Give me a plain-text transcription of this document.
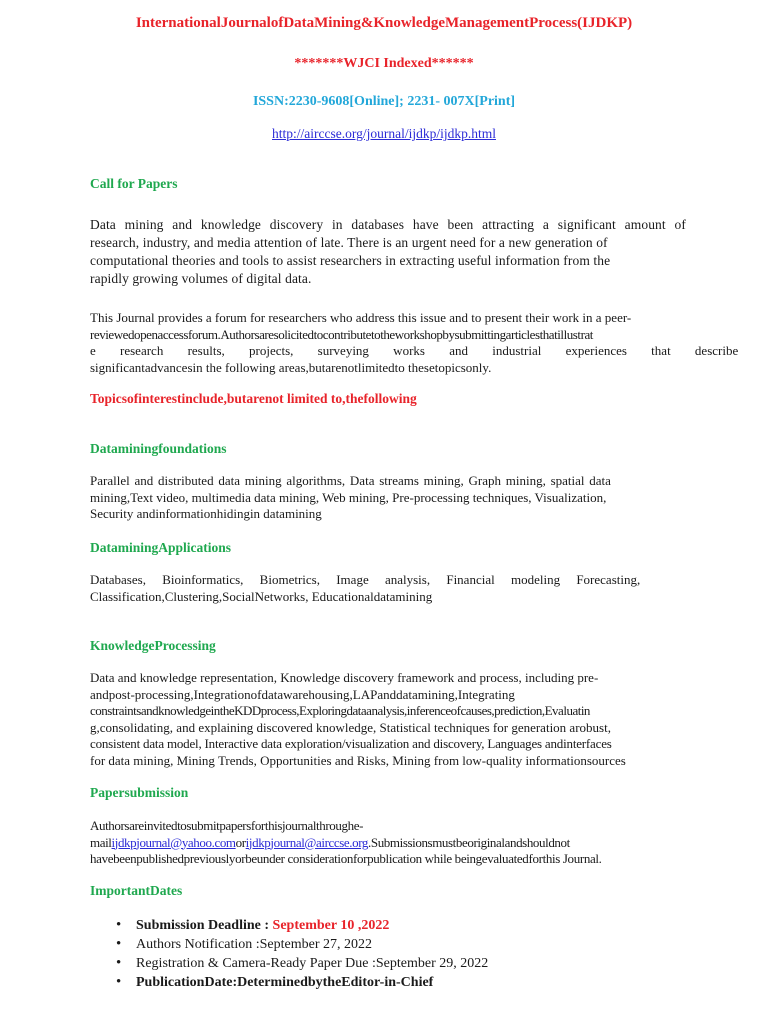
InternationalJournalofDataMining&KnowledgeManagementProcess(IJDKP)
*******WJCI Indexed******
ISSN:2230-9608[Online]; 2231- 007X[Print]
http://airccse.org/journal/ijdkp/ijdkp.html
Call for Papers
Data mining and knowledge discovery in databases have been attracting a significant amount of
research, industry, and media attention of late. There is an urgent need for a new generation of
computational theories and tools to assist researchers in extracting useful information from the
rapidly growing volumes of digital data.
This Journal provides a forum for researchers who address this issue and to present their work in a peer-
reviewedopenaccessforum.Authorsaresolicitedtocontributetotheworkshopbysubmittingarticlesthatillustrat
e research results, projects, surveying works and industrial experiences that describe
significantadvancesin the following areas,butarenotlimitedto thesetopicsonly.
Topicsofinterestinclude,butarenot limited to,thefollowing
Dataminingfoundations
Parallel and distributed data mining algorithms, Data streams mining, Graph mining, spatial data
mining,Text video, multimedia data mining, Web mining, Pre-processing techniques, Visualization,
Security andinformationhidingin datamining
DataminingApplications
Databases, Bioinformatics, Biometrics, Image analysis, Financial modeling Forecasting,
Classification,Clustering,SocialNetworks, Educationaldatamining
KnowledgeProcessing
Data and knowledge representation, Knowledge discovery framework and process, including pre-
andpost-processing,Integrationofdatawarehousing,LAPanddatamining,Integrating
constraintsandknowledgeintheKDDprocess,Exploringdataanalysis,inferenceofcauses,prediction,Evaluatin
g,consolidating, and explaining discovered knowledge, Statistical techniques for generation arobust,
consistent data model, Interactive data exploration/visualization and discovery, Languages andinterfaces
for data mining, Mining Trends, Opportunities and Risks, Mining from low-quality informationsources
Papersubmission
Authorsareinvitedtosubmitpapersforthisjournalthroughe-
mailijdkpjournal@yahoo.comorijdkpjournal@airccse.org.Submissionsmustbeoriginalandshouldnot
havebeenpublishedpreviouslyorbeunder considerationforpublication while beingevaluatedforthis Journal.
ImportantDates
• Submission Deadline : September 10 ,2022
• Authors Notification :September 27, 2022
• Registration & Camera-Ready Paper Due :September 29, 2022
• PublicationDate:DeterminedbytheEditor-in-Chief
